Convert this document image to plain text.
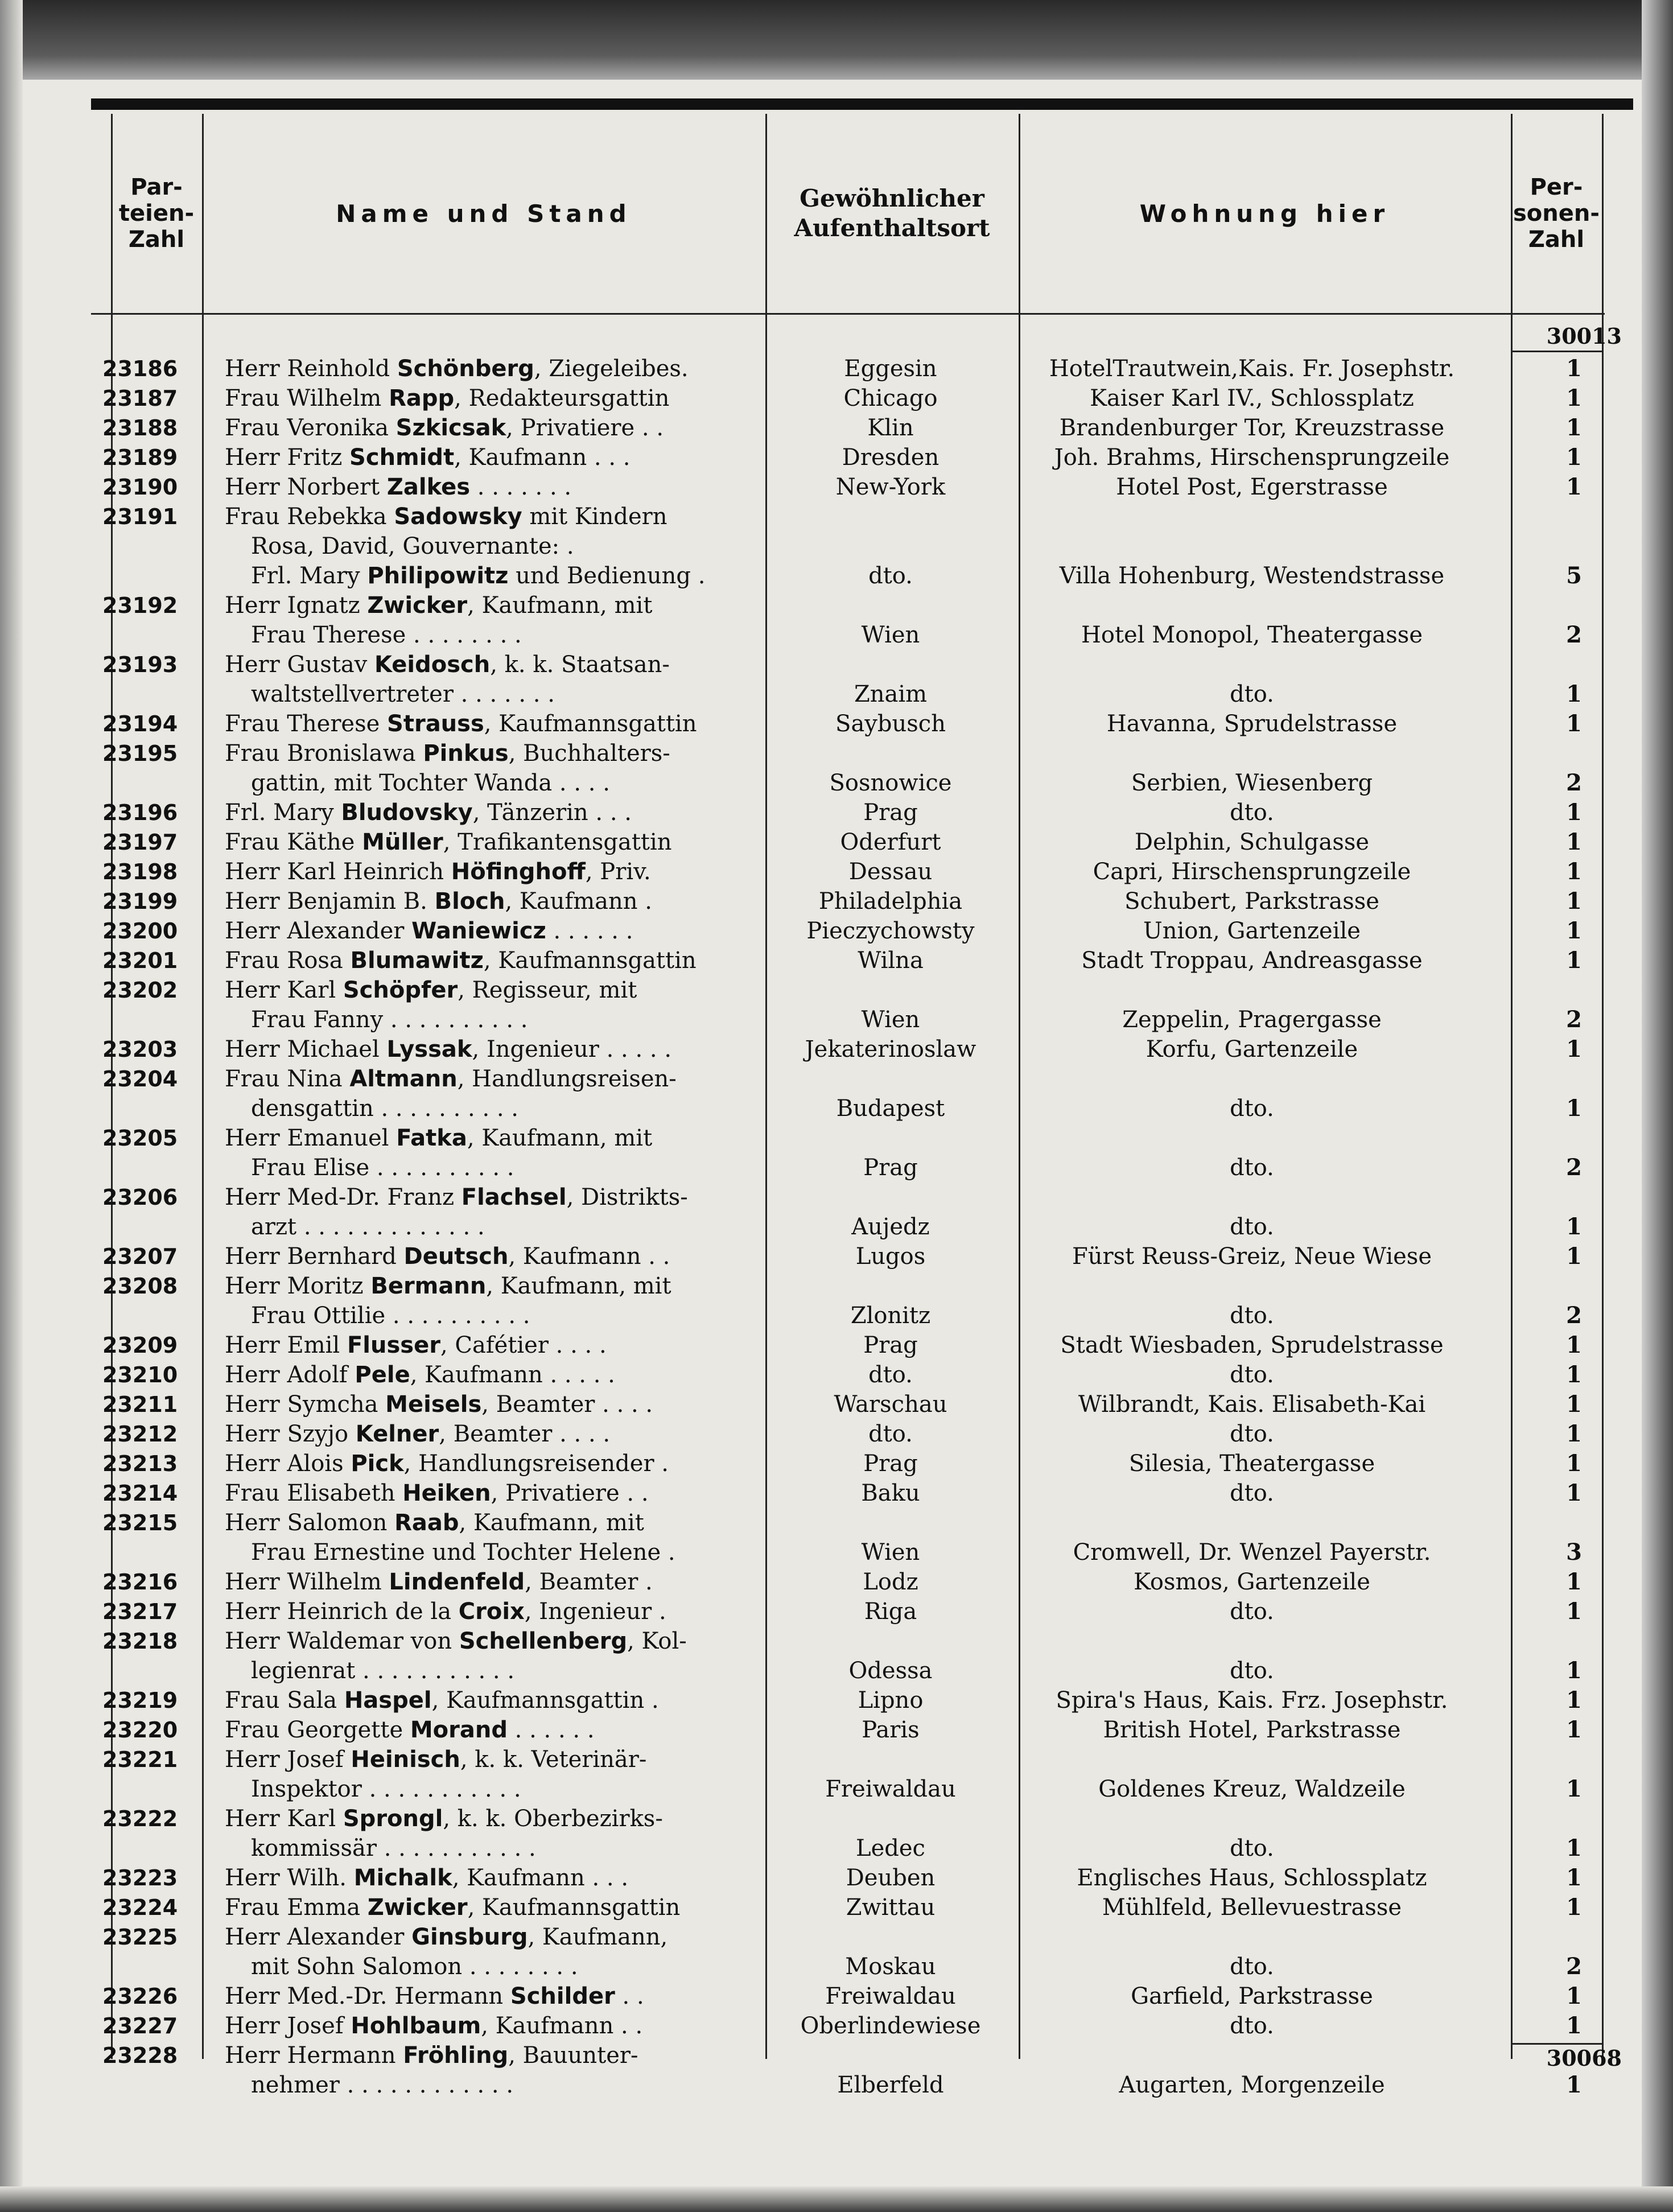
Par-
teien-
Zahl
Name und Stand
Gewöhnlicher
Aufenthaltsort
Wohnung hier
Per-
sonen-
Zahl
30013
23186	Herr Reinhold Schönberg, Ziegeleibes.	Eggesin	HotelTrautwein,Kais. Fr. Josephstr.	1
23187	Frau Wilhelm Rapp, Redakteursgattin	Chicago	Kaiser Karl IV., Schlossplatz	1
23188	Frau Veronika Szkicsak, Privatiere . .	Klin	Brandenburger Tor, Kreuzstrasse	1
23189	Herr Fritz Schmidt, Kaufmann . . .	Dresden	Joh. Brahms, Hirschensprungzeile	1
23190	Herr Norbert Zalkes . . . . . . .	New-York	Hotel Post, Egerstrasse	1
23191	Frau Rebekka Sadowsky mit Kindern
Rosa, David, Gouvernante: .
Frl. Mary Philipowitz und Bedienung .	dto.	Villa Hohenburg, Westendstrasse	5
23192	Herr Ignatz Zwicker, Kaufmann, mit
Frau Therese . . . . . . . .	Wien	Hotel Monopol, Theatergasse	2
23193	Herr Gustav Keidosch, k. k. Staatsan-
waltstellvertreter . . . . . . .	Znaim	dto.	1
23194	Frau Therese Strauss, Kaufmannsgattin	Saybusch	Havanna, Sprudelstrasse	1
23195	Frau Bronislawa Pinkus, Buchhalters-
gattin, mit Tochter Wanda . . . .	Sosnowice	Serbien, Wiesenberg	2
23196	Frl. Mary Bludovsky, Tänzerin . . .	Prag	dto.	1
23197	Frau Käthe Müller, Trafikantensgattin	Oderfurt	Delphin, Schulgasse	1
23198	Herr Karl Heinrich Höfinghoff, Priv.	Dessau	Capri, Hirschensprungzeile	1
23199	Herr Benjamin B. Bloch, Kaufmann .	Philadelphia	Schubert, Parkstrasse	1
23200	Herr Alexander Waniewicz . . . . . .	Pieczychowsty	Union, Gartenzeile	1
23201	Frau Rosa Blumawitz, Kaufmannsgattin	Wilna	Stadt Troppau, Andreasgasse	1
23202	Herr Karl Schöpfer, Regisseur, mit
Frau Fanny . . . . . . . . . .	Wien	Zeppelin, Pragergasse	2
23203	Herr Michael Lyssak, Ingenieur . . . . .	Jekaterinoslaw	Korfu, Gartenzeile	1
23204	Frau Nina Altmann, Handlungsreisen-
densgattin . . . . . . . . . .	Budapest	dto.	1
23205	Herr Emanuel Fatka, Kaufmann, mit
Frau Elise . . . . . . . . . .	Prag	dto.	2
23206	Herr Med-Dr. Franz Flachsel, Distrikts-
arzt . . . . . . . . . . . . .	Aujedz	dto.	1
23207	Herr Bernhard Deutsch, Kaufmann . .	Lugos	Fürst Reuss-Greiz, Neue Wiese	1
23208	Herr Moritz Bermann, Kaufmann, mit
Frau Ottilie . . . . . . . . . .	Zlonitz	dto.	2
23209	Herr Emil Flusser, Cafétier . . . .	Prag	Stadt Wiesbaden, Sprudelstrasse	1
23210	Herr Adolf Pele, Kaufmann . . . . .	dto.	dto.	1
23211	Herr Symcha Meisels, Beamter . . . .	Warschau	Wilbrandt, Kais. Elisabeth-Kai	1
23212	Herr Szyjo Kelner, Beamter . . . .	dto.	dto.	1
23213	Herr Alois Pick, Handlungsreisender .	Prag	Silesia, Theatergasse	1
23214	Frau Elisabeth Heiken, Privatiere . .	Baku	dto.	1
23215	Herr Salomon Raab, Kaufmann, mit
Frau Ernestine und Tochter Helene .	Wien	Cromwell, Dr. Wenzel Payerstr.	3
23216	Herr Wilhelm Lindenfeld, Beamter .	Lodz	Kosmos, Gartenzeile	1
23217	Herr Heinrich de la Croix, Ingenieur .	Riga	dto.	1
23218	Herr Waldemar von Schellenberg, Kol-
legienrat . . . . . . . . . . .	Odessa	dto.	1
23219	Frau Sala Haspel, Kaufmannsgattin .	Lipno	Spira's Haus, Kais. Frz. Josephstr.	1
23220	Frau Georgette Morand . . . . . .	Paris	British Hotel, Parkstrasse	1
23221	Herr Josef Heinisch, k. k. Veterinär-
Inspektor . . . . . . . . . . .	Freiwaldau	Goldenes Kreuz, Waldzeile	1
23222	Herr Karl Sprongl, k. k. Oberbezirks-
kommissär . . . . . . . . . . .	Ledec	dto.	1
23223	Herr Wilh. Michalk, Kaufmann . . .	Deuben	Englisches Haus, Schlossplatz	1
23224	Frau Emma Zwicker, Kaufmannsgattin	Zwittau	Mühlfeld, Bellevuestrasse	1
23225	Herr Alexander Ginsburg, Kaufmann,
mit Sohn Salomon . . . . . . . .	Moskau	dto.	2
23226	Herr Med.-Dr. Hermann Schilder . .	Freiwaldau	Garfield, Parkstrasse	1
23227	Herr Josef Hohlbaum, Kaufmann . .	Oberlindewiese	dto.	1
23228	Herr Hermann Fröhling, Bauunter-
nehmer . . . . . . . . . . . .	Elberfeld	Augarten, Morgenzeile	1
30068
